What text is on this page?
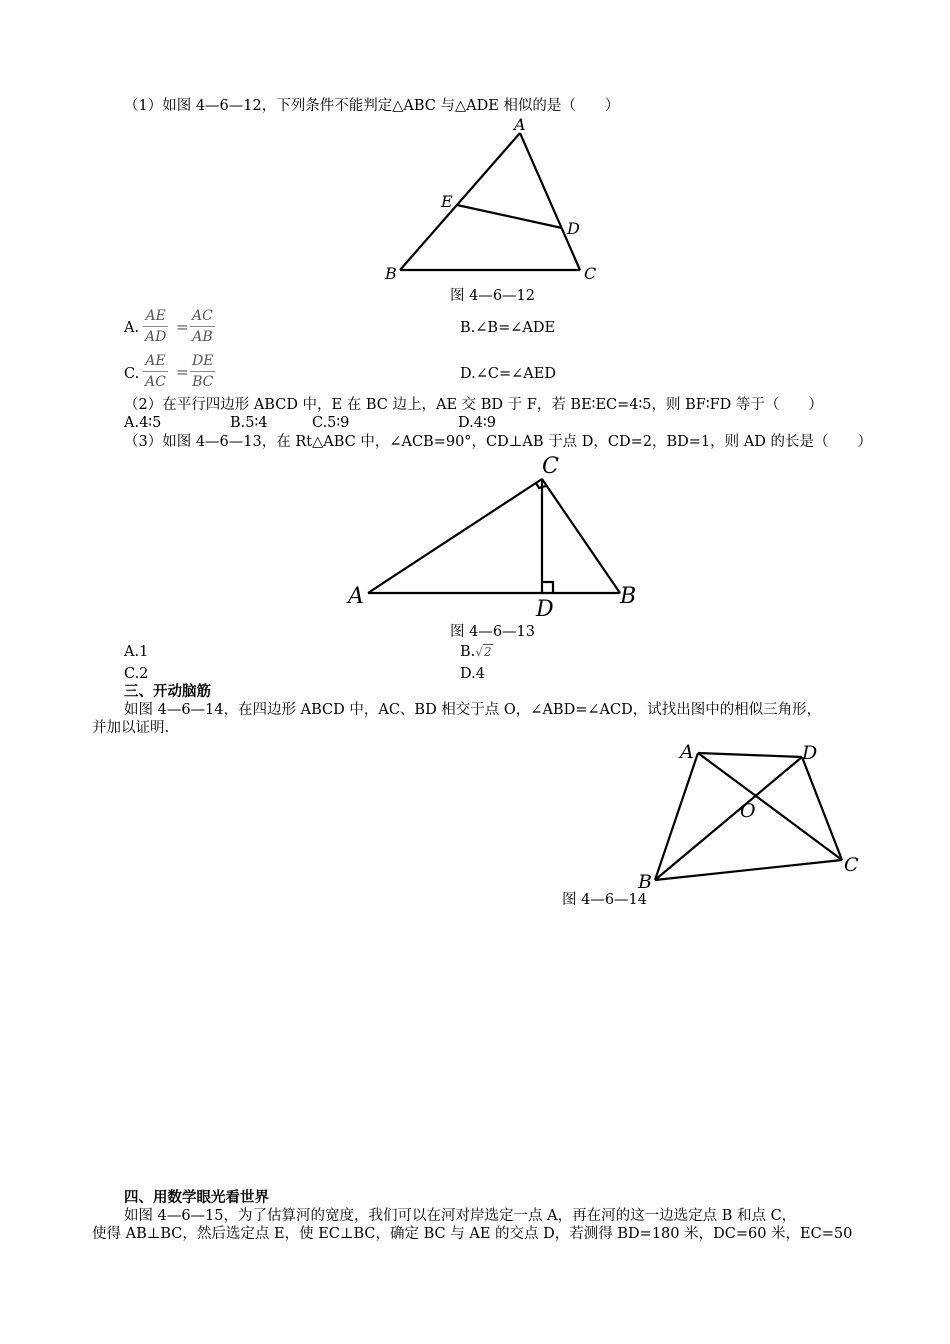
（1）如图 4—6—12，下列条件不能判定△ABC 与△ADE 相似的是（　　）
A
B	C
D
E
图 4—6—12
A. $\frac{AE}{AD} = \frac{AC}{AB}$	B.∠B=∠ADE
C. $\frac{AE}{AC} = \frac{DE}{BC}$	D.∠C=∠AED
（2）在平行四边形 ABCD 中，E 在 BC 边上，AE 交 BD 于 F，若 BE∶EC=4∶5，则 BF∶FD 等于（　　）
A.4∶5	B.5∶4	C.5∶9	D.4∶9
（3）如图 4—6—13，在 Rt△ABC 中，∠ACB=90°，CD⊥AB 于点 D，CD=2，BD=1，则 AD 的长是（　　）
A	B
C
D
图 4—6—13
A.1	B.√2
C.2	D.4
三、开动脑筋
如图 4—6—14，在四边形 ABCD 中，AC、BD 相交于点 O，∠ABD=∠ACD，试找出图中的相似三角形，
并加以证明.
A
B
C
D
O
图 4—6—14
四、用数学眼光看世界
如图 4—6—15，为了估算河的宽度，我们可以在河对岸选定一点 A，再在河的这一边选定点 B 和点 C，
使得 AB⊥BC，然后选定点 E，使 EC⊥BC，确定 BC 与 AE 的交点 D，若测得 BD=180 米，DC=60 米，EC=50
